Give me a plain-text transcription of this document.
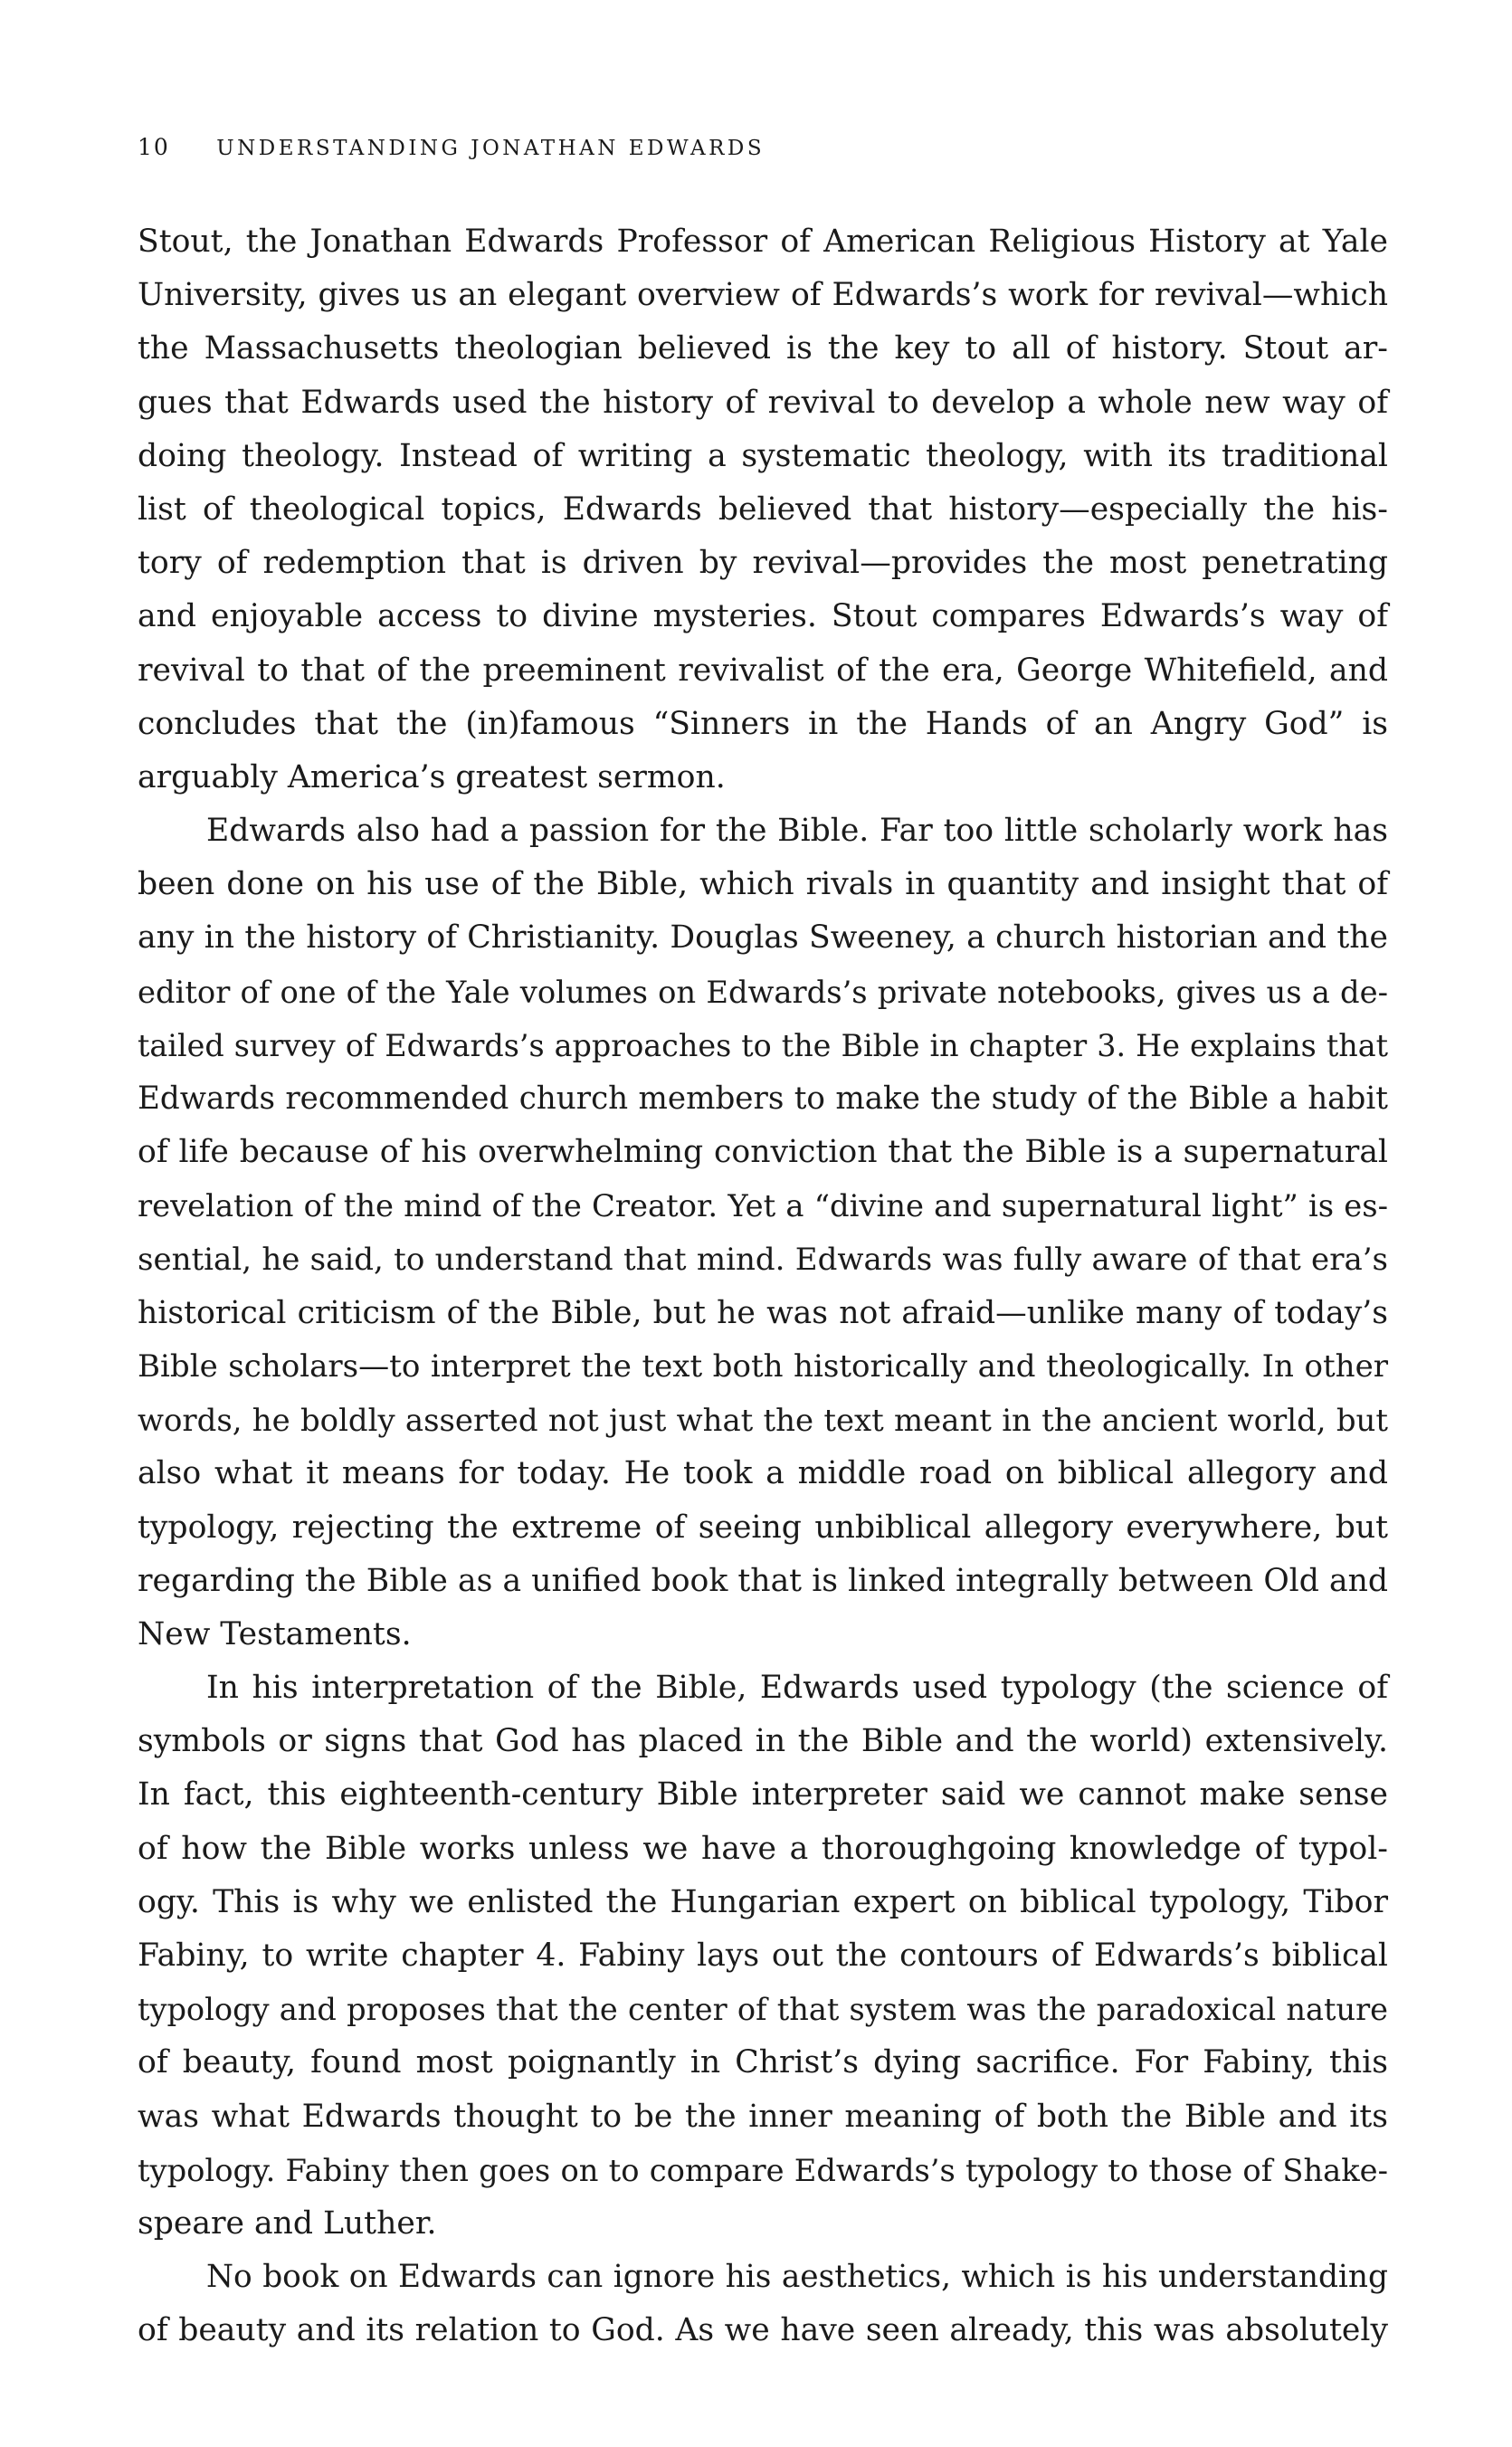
10 UNDERSTANDING JONATHAN EDWARDS
Stout, the Jonathan Edwards Professor of American Religious History at Yale
University, gives us an elegant overview of Edwards’s work for revival—which
the Massachusetts theologian believed is the key to all of history. Stout ar-
gues that Edwards used the history of revival to develop a whole new way of
doing theology. Instead of writing a systematic theology, with its traditional
list of theological topics, Edwards believed that history—especially the his-
tory of redemption that is driven by revival—provides the most penetrating
and enjoyable access to divine mysteries. Stout compares Edwards’s way of
revival to that of the preeminent revivalist of the era, George Whitefield, and
concludes that the (in)famous “Sinners in the Hands of an Angry God” is
arguably America’s greatest sermon.
Edwards also had a passion for the Bible. Far too little scholarly work has
been done on his use of the Bible, which rivals in quantity and insight that of
any in the history of Christianity. Douglas Sweeney, a church historian and the
editor of one of the Yale volumes on Edwards’s private notebooks, gives us a de-
tailed survey of Edwards’s approaches to the Bible in chapter 3. He explains that
Edwards recommended church members to make the study of the Bible a habit
of life because of his overwhelming conviction that the Bible is a supernatural
revelation of the mind of the Creator. Yet a “divine and supernatural light” is es-
sential, he said, to understand that mind. Edwards was fully aware of that era’s
historical criticism of the Bible, but he was not afraid—unlike many of today’s
Bible scholars—to interpret the text both historically and theologically. In other
words, he boldly asserted not just what the text meant in the ancient world, but
also what it means for today. He took a middle road on biblical allegory and
typology, rejecting the extreme of seeing unbiblical allegory everywhere, but
regarding the Bible as a unified book that is linked integrally between Old and
New Testaments.
In his interpretation of the Bible, Edwards used typology (the science of
symbols or signs that God has placed in the Bible and the world) extensively.
In fact, this eighteenth-century Bible interpreter said we cannot make sense
of how the Bible works unless we have a thoroughgoing knowledge of typol-
ogy. This is why we enlisted the Hungarian expert on biblical typology, Tibor
Fabiny, to write chapter 4. Fabiny lays out the contours of Edwards’s biblical
typology and proposes that the center of that system was the paradoxical nature
of beauty, found most poignantly in Christ’s dying sacrifice. For Fabiny, this
was what Edwards thought to be the inner meaning of both the Bible and its
typology. Fabiny then goes on to compare Edwards’s typology to those of Shake-
speare and Luther.
No book on Edwards can ignore his aesthetics, which is his understanding
of beauty and its relation to God. As we have seen already, this was absolutely
